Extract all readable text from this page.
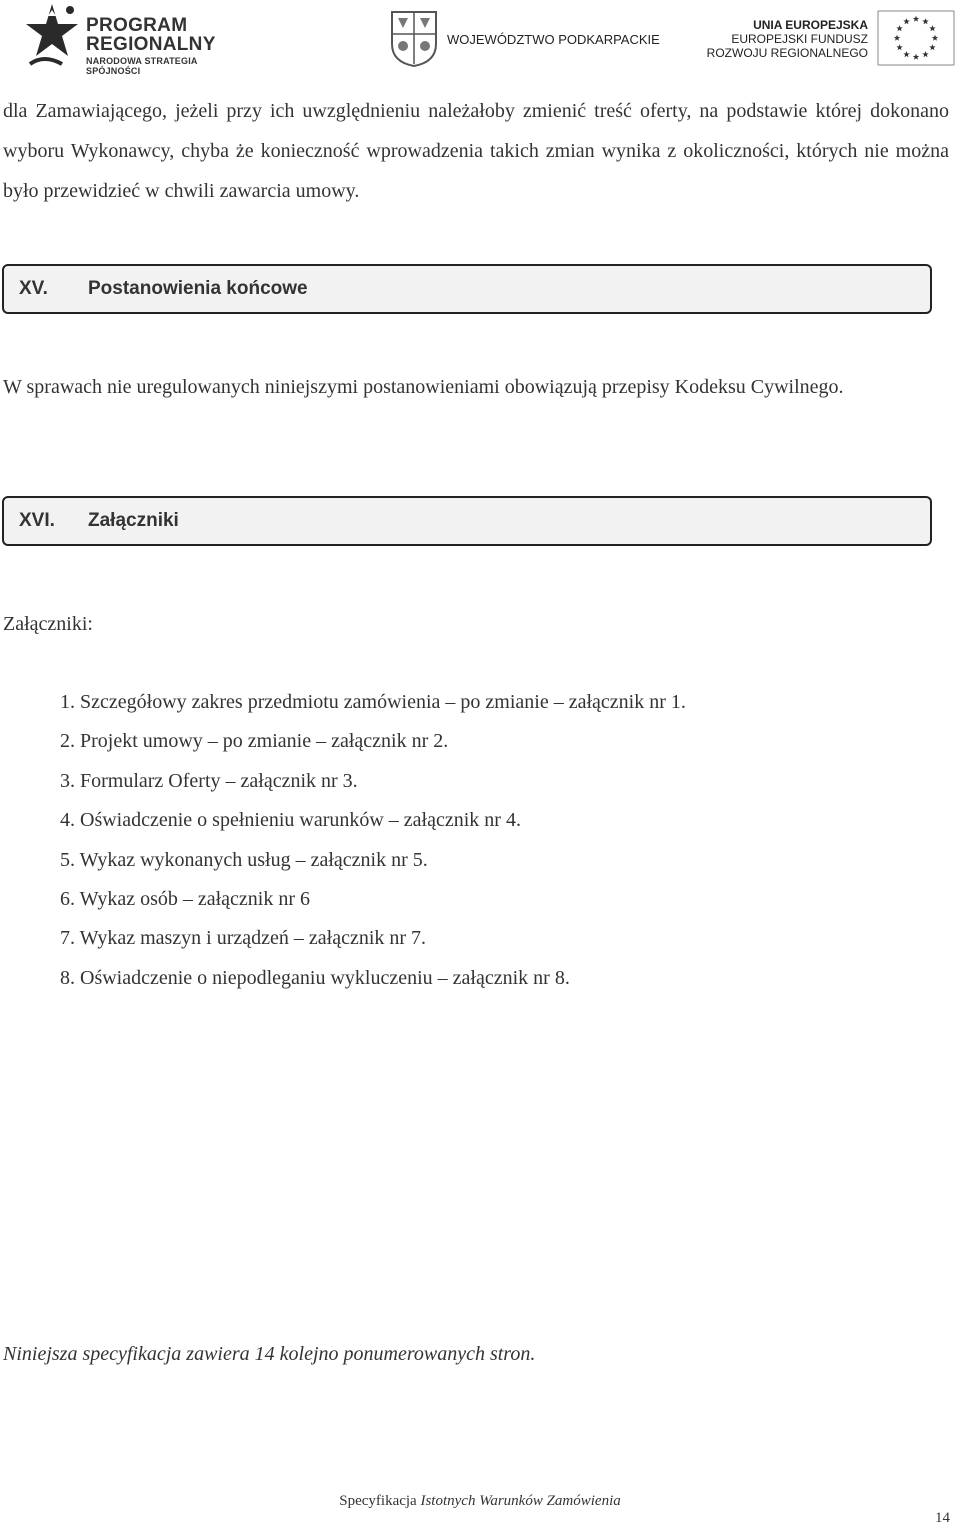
PROGRAM
REGIONALNY
NARODOWA STRATEGIA SPÓJNOŚCI
WOJEWÓDZTWO PODKARPACKIE
UNIA EUROPEJSKA
EUROPEJSKI FUNDUSZ
ROZWOJU REGIONALNEGO
dla Zamawiającego, jeżeli przy ich uwzględnieniu należałoby zmienić treść oferty, na podstawie której dokonano wyboru Wykonawcy, chyba że konieczność wprowadzenia takich zmian wynika z okoliczności, których nie można było przewidzieć w chwili zawarcia umowy.
XV. Postanowienia końcowe
W sprawach nie uregulowanych niniejszymi postanowieniami obowiązują przepisy Kodeksu Cywilnego.
XVI. Załączniki
Załączniki:
1. Szczegółowy zakres przedmiotu zamówienia – po zmianie – załącznik nr 1.
2. Projekt umowy – po zmianie – załącznik nr 2.
3. Formularz Oferty – załącznik nr 3.
4. Oświadczenie o spełnieniu warunków – załącznik nr 4.
5. Wykaz wykonanych usług – załącznik nr 5.
6. Wykaz osób – załącznik nr 6
7. Wykaz maszyn i urządzeń – załącznik nr 7.
8. Oświadczenie o niepodleganiu wykluczeniu – załącznik nr 8.
Niniejsza specyfikacja zawiera 14 kolejno ponumerowanych stron.
Specyfikacja Istotnych Warunków Zamówienia
14
